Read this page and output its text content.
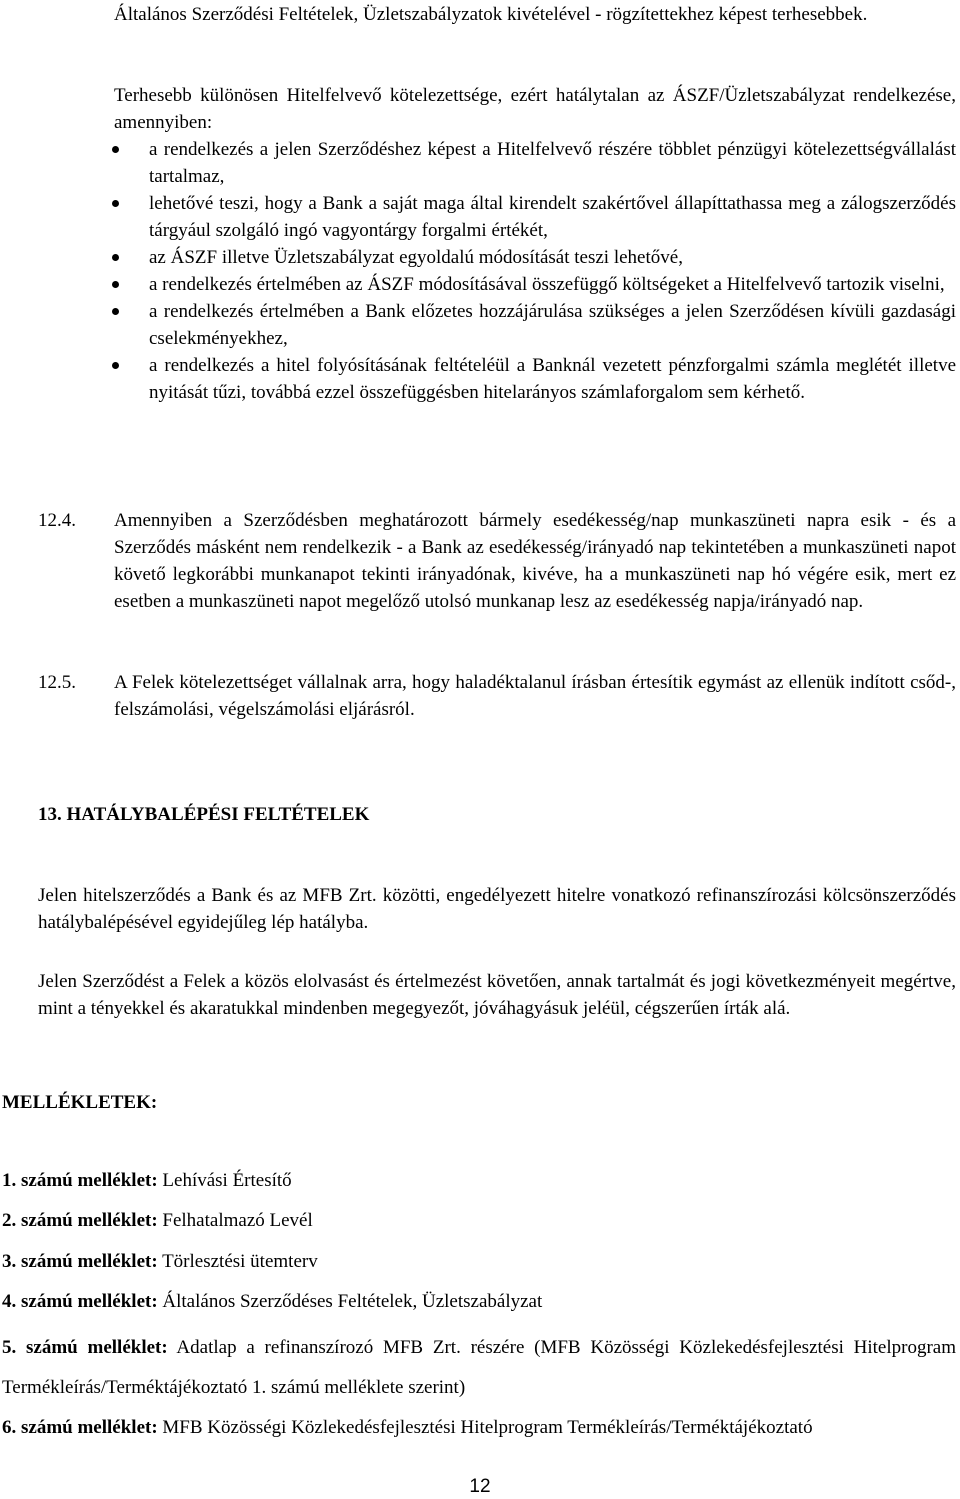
Általános Szerződési Feltételek, Üzletszabályzatok kivételével - rögzítettekhez képest terhesebbek.
Terhesebb különösen Hitelfelvevő kötelezettsége, ezért hatálytalan az ÁSZF/Üzletszabályzat rendelkezése, amennyiben:
a rendelkezés a jelen Szerződéshez képest a Hitelfelvevő részére többlet pénzügyi kötelezettségvállalást tartalmaz,
lehetővé teszi, hogy a Bank a saját maga által kirendelt szakértővel állapíttathassa meg a zálogszerződés tárgyául szolgáló ingó vagyontárgy forgalmi értékét,
az ÁSZF illetve Üzletszabályzat egyoldalú módosítását teszi lehetővé,
a rendelkezés értelmében az ÁSZF módosításával összefüggő költségeket a Hitelfelvevő tartozik viselni,
a rendelkezés értelmében a Bank előzetes hozzájárulása szükséges a jelen Szerződésen kívüli gazdasági cselekményekhez,
a rendelkezés a hitel folyósításának feltételéül a Banknál vezetett pénzforgalmi számla meglétét illetve nyitását tűzi, továbbá ezzel összefüggésben hitelarányos számlaforgalom sem kérhető.
12.4. Amennyiben a Szerződésben meghatározott bármely esedékesség/nap munkaszüneti napra esik - és a Szerződés másként nem rendelkezik - a Bank az esedékesség/irányadó nap tekintetében a munkaszüneti napot követő legkorábbi munkanapot tekinti irányadónak, kivéve, ha a munkaszüneti nap hó végére esik, mert ez esetben a munkaszüneti napot megelőző utolsó munkanap lesz az esedékesség napja/irányadó nap.
12.5. A Felek kötelezettséget vállalnak arra, hogy haladéktalanul írásban értesítik egymást az ellenük indított csőd-, felszámolási, végelszámolási eljárásról.
13. HATÁLYBALÉPÉSI FELTÉTELEK
Jelen hitelszerződés a Bank és az MFB Zrt. közötti, engedélyezett hitelre vonatkozó refinanszírozási kölcsönszerződés hatálybalépésével egyidejűleg lép hatályba.
Jelen Szerződést a Felek a közös elolvasást és értelmezést követően, annak tartalmát és jogi következményeit megértve, mint a tényekkel és akaratukkal mindenben megegyezőt, jóváhagyásuk jeléül, cégszerűen írták alá.
MELLÉKLETEK:
1. számú melléklet: Lehívási Értesítő
2. számú melléklet: Felhatalmazó Levél
3. számú melléklet: Törlesztési ütemterv
4. számú melléklet: Általános Szerződéses Feltételek, Üzletszabályzat
5. számú melléklet: Adatlap a refinanszírozó MFB Zrt. részére (MFB Közösségi Közlekedésfejlesztési Hitelprogram Termékleírás/Terméktájékoztató 1. számú melléklete szerint)
6. számú melléklet: MFB Közösségi Közlekedésfejlesztési Hitelprogram Termékleírás/Terméktájékoztató
12
